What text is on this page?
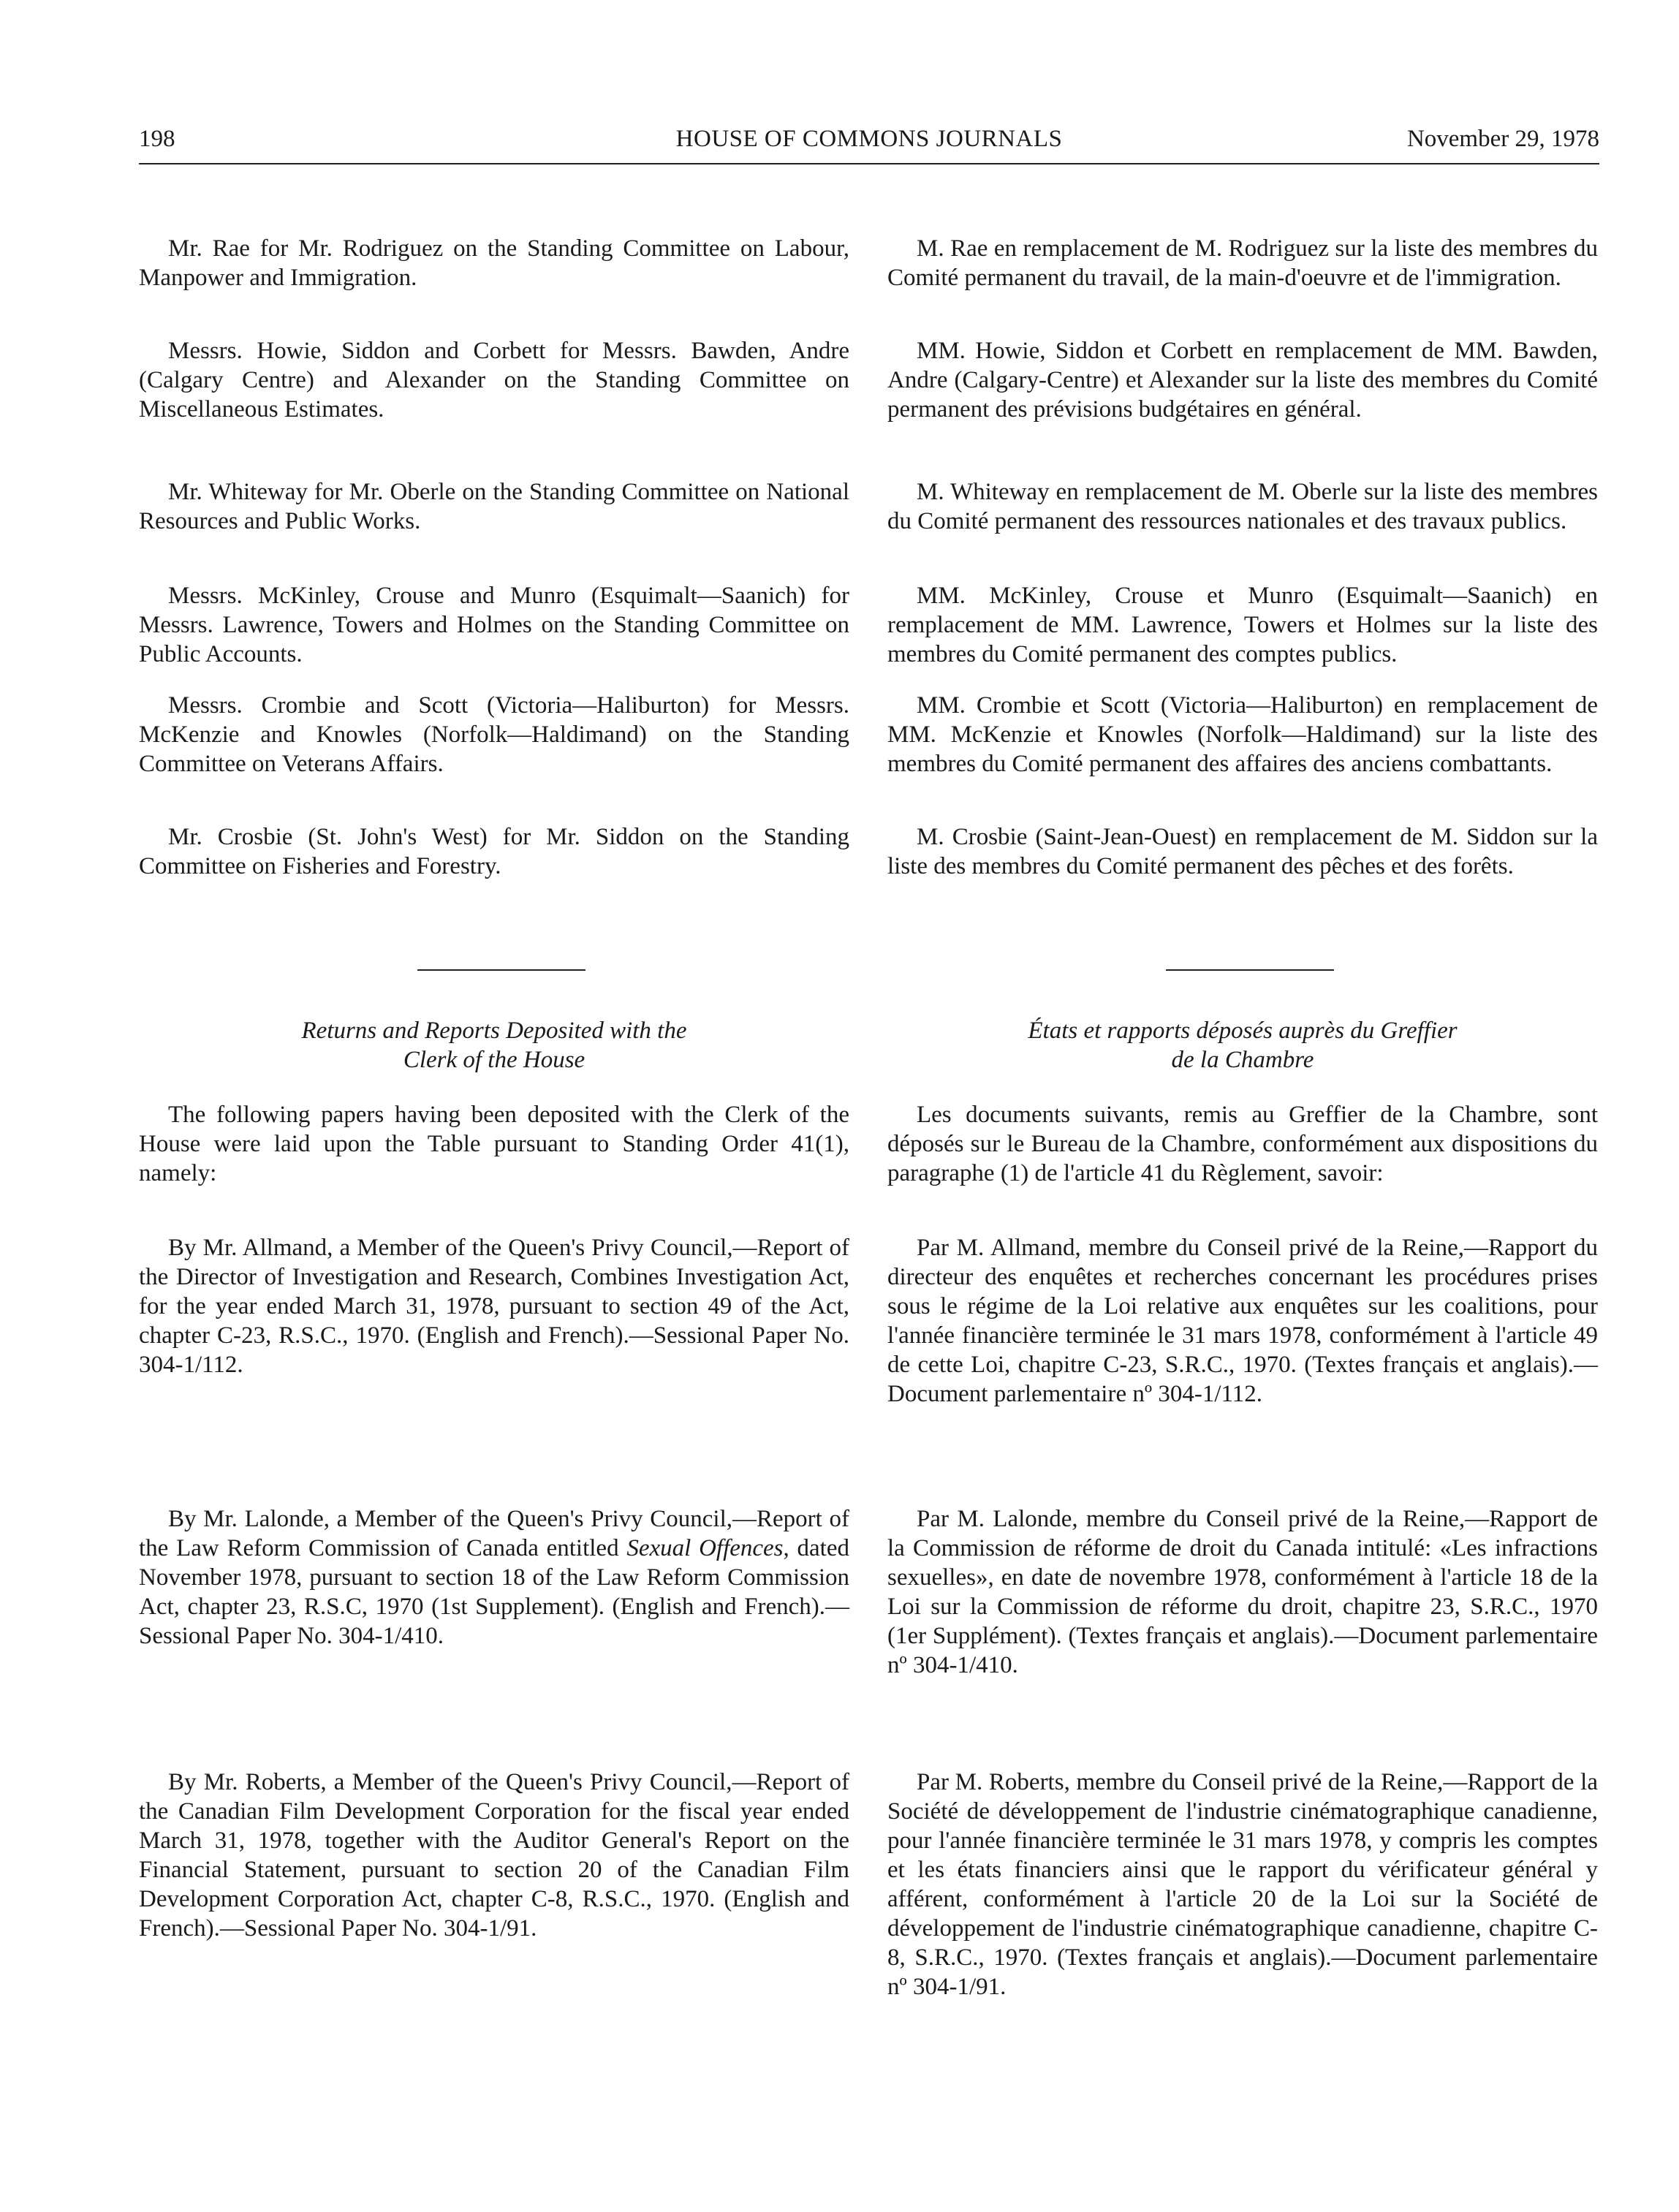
198	HOUSE OF COMMONS JOURNALS	November 29, 1978

Mr. Rae for Mr. Rodriguez on the Standing Committee on Labour, Manpower and Immigration.

Messrs. Howie, Siddon and Corbett for Messrs. Bawden, Andre (Calgary Centre) and Alexander on the Standing Committee on Miscellaneous Estimates.

Mr. Whiteway for Mr. Oberle on the Standing Committee on National Resources and Public Works.

Messrs. McKinley, Crouse and Munro (Esquimalt—Saanich) for Messrs. Lawrence, Towers and Holmes on the Standing Committee on Public Accounts.

Messrs. Crombie and Scott (Victoria—Haliburton) for Messrs. McKenzie and Knowles (Norfolk—Haldimand) on the Standing Committee on Veterans Affairs.

Mr. Crosbie (St. John's West) for Mr. Siddon on the Standing Committee on Fisheries and Forestry.

Returns and Reports Deposited with the
Clerk of the House

The following papers having been deposited with the Clerk of the House were laid upon the Table pursuant to Standing Order 41(1), namely:

By Mr. Allmand, a Member of the Queen's Privy Council,—Report of the Director of Investigation and Research, Combines Investigation Act, for the year ended March 31, 1978, pursuant to section 49 of the Act, chapter C-23, R.S.C., 1970. (English and French).—Sessional Paper No. 304-1/112.

By Mr. Lalonde, a Member of the Queen's Privy Council,—Report of the Law Reform Commission of Canada entitled Sexual Offences, dated November 1978, pursuant to section 18 of the Law Reform Commission Act, chapter 23, R.S.C, 1970 (1st Supplement). (English and French).—Sessional Paper No. 304-1/410.

By Mr. Roberts, a Member of the Queen's Privy Council,—Report of the Canadian Film Development Corporation for the fiscal year ended March 31, 1978, together with the Auditor General's Report on the Financial Statement, pursuant to section 20 of the Canadian Film Development Corporation Act, chapter C-8, R.S.C., 1970. (English and French).—Sessional Paper No. 304-1/91.

M. Rae en remplacement de M. Rodriguez sur la liste des membres du Comité permanent du travail, de la main-d'oeuvre et de l'immigration.

MM. Howie, Siddon et Corbett en remplacement de MM. Bawden, Andre (Calgary-Centre) et Alexander sur la liste des membres du Comité permanent des prévisions budgétaires en général.

M. Whiteway en remplacement de M. Oberle sur la liste des membres du Comité permanent des ressources nationales et des travaux publics.

MM. McKinley, Crouse et Munro (Esquimalt—Saanich) en remplacement de MM. Lawrence, Towers et Holmes sur la liste des membres du Comité permanent des comptes publics.

MM. Crombie et Scott (Victoria—Haliburton) en remplacement de MM. McKenzie et Knowles (Norfolk—Haldimand) sur la liste des membres du Comité permanent des affaires des anciens combattants.

M. Crosbie (Saint-Jean-Ouest) en remplacement de M. Siddon sur la liste des membres du Comité permanent des pêches et des forêts.

États et rapports déposés auprès du Greffier
de la Chambre

Les documents suivants, remis au Greffier de la Chambre, sont déposés sur le Bureau de la Chambre, conformément aux dispositions du paragraphe (1) de l'article 41 du Règlement, savoir:

Par M. Allmand, membre du Conseil privé de la Reine,—Rapport du directeur des enquêtes et recherches concernant les procédures prises sous le régime de la Loi relative aux enquêtes sur les coalitions, pour l'année financière terminée le 31 mars 1978, conformément à l'article 49 de cette Loi, chapitre C-23, S.R.C., 1970. (Textes français et anglais).—Document parlementaire nº 304-1/112.

Par M. Lalonde, membre du Conseil privé de la Reine,—Rapport de la Commission de réforme de droit du Canada intitulé: «Les infractions sexuelles», en date de novembre 1978, conformément à l'article 18 de la Loi sur la Commission de réforme du droit, chapitre 23, S.R.C., 1970 (1er Supplément). (Textes français et anglais).—Document parlementaire nº 304-1/410.

Par M. Roberts, membre du Conseil privé de la Reine,—Rapport de la Société de développement de l'industrie cinématographique canadienne, pour l'année financière terminée le 31 mars 1978, y compris les comptes et les états financiers ainsi que le rapport du vérificateur général y afférent, conformément à l'article 20 de la Loi sur la Société de développement de l'industrie cinématographique canadienne, chapitre C-8, S.R.C., 1970. (Textes français et anglais).—Document parlementaire nº 304-1/91.
